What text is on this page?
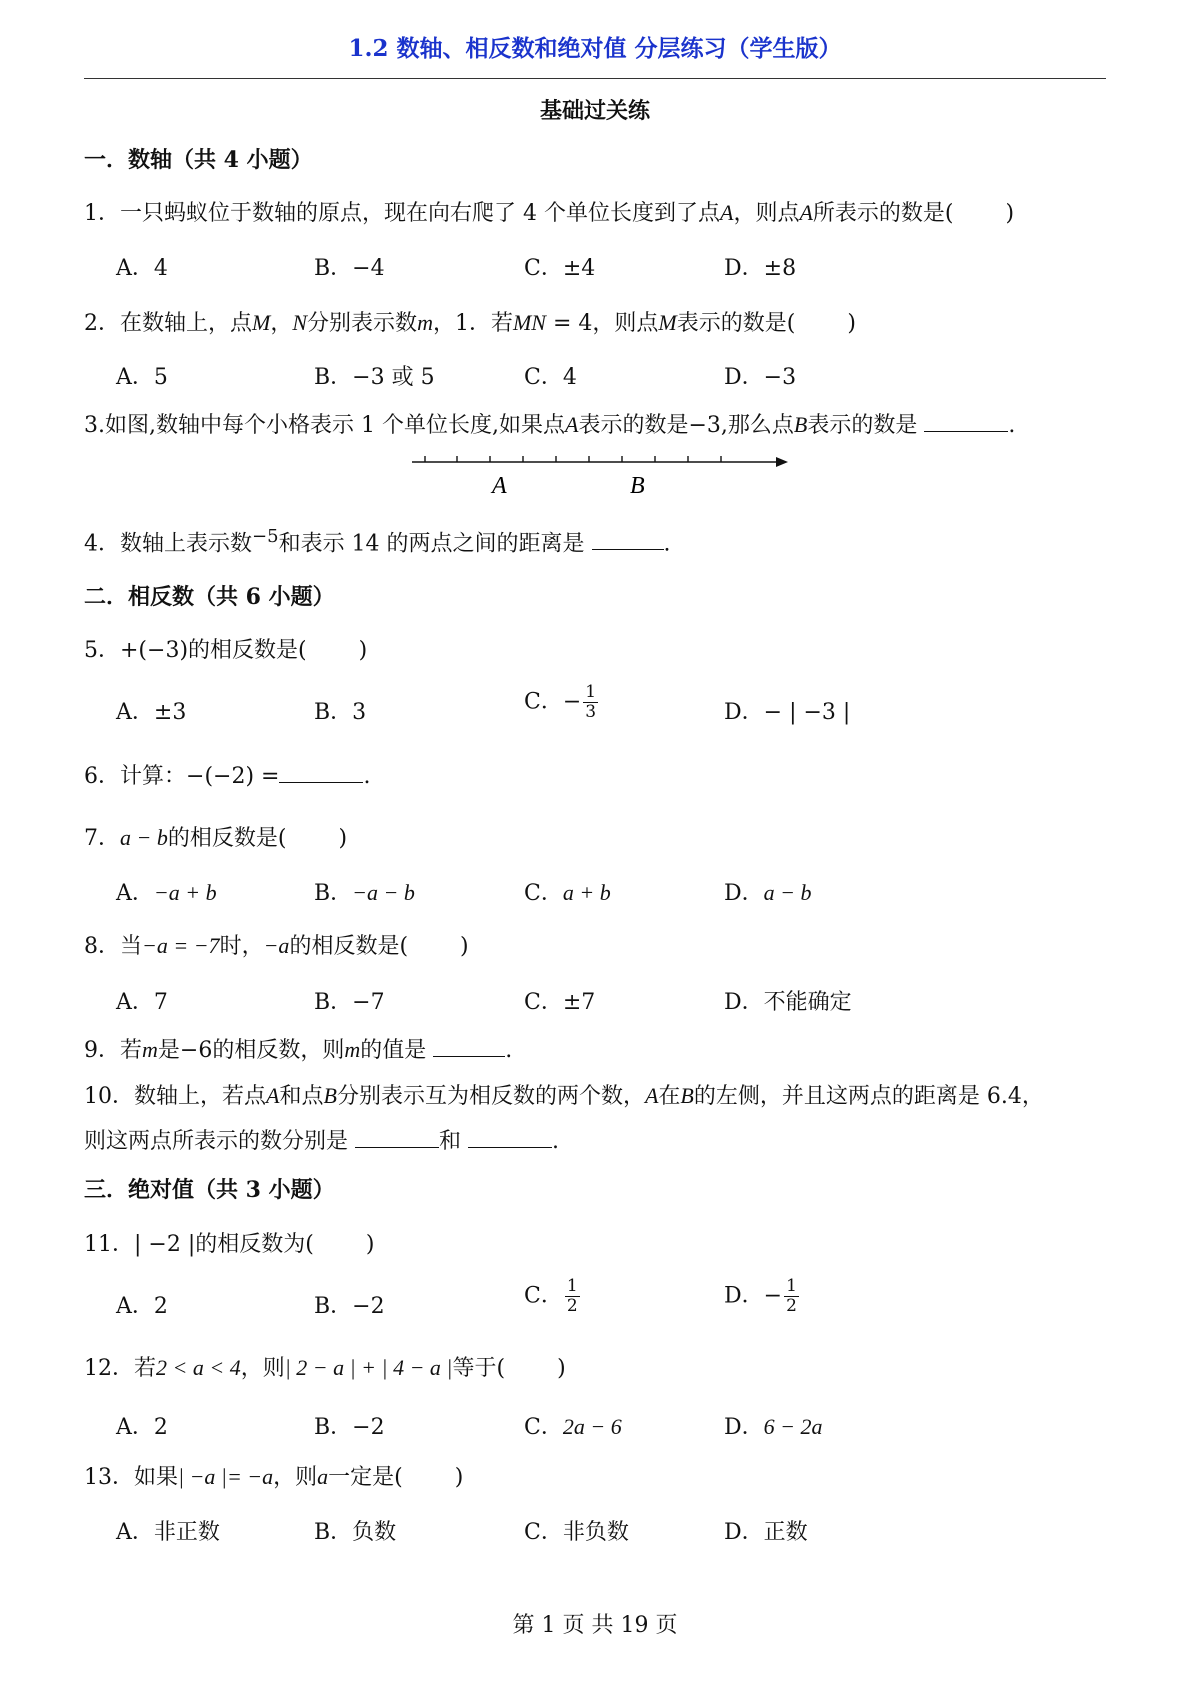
1.2 数轴、相反数和绝对值 分层练习（学生版）
基础过关练
一．数轴（共 4 小题）
1．一只蚂蚁位于数轴的原点，现在向右爬了 4 个单位长度到了点A，则点A所表示的数是( )
A．4	B．−4	C．±4	D．±8
2．在数轴上，点M，N分别表示数m，1．若MN = 4，则点M表示的数是( )
A．5	B．−3 或 5	C．4	D．−3
3.如图,数轴中每个小格表示 1 个单位长度,如果点A表示的数是−3,那么点B表示的数是	.
A	B
4．数轴上表示数$^{-5}$和表示 14 的两点之间的距离是	.
二．相反数（共 6 小题）
5．+(−3)的相反数是( )
A．±3	B．3	C．− $\frac{1}{3}$	D．− | −3 |
6．计算：−(−2) =	.
7．a − b的相反数是( )
A．−a + b	B．−a − b	C．a + b	D．a − b
8．当−a = −7时，−a的相反数是( )
A．7	B．−7	C．±7	D．不能确定
9．若m是−6的相反数，则m的值是	.
10．数轴上，若点A和点B分别表示互为相反数的两个数，A在B的左侧，并且这两点的距离是 6.4，
则这两点所表示的数分别是	和	.
三．绝对值（共 3 小题）
11．| −2 |的相反数为( )
A．2	B．−2	C． $\frac{1}{2}$	D．− $\frac{1}{2}$
12．若2 < a < 4，则| 2 − a | + | 4 − a |等于( )
A．2	B．−2	C．2a − 6	D．6 − 2a
13．如果| −a |= −a，则a一定是( )
A．非正数	B．负数	C．非负数	D．正数
第 1 页 共 19 页
